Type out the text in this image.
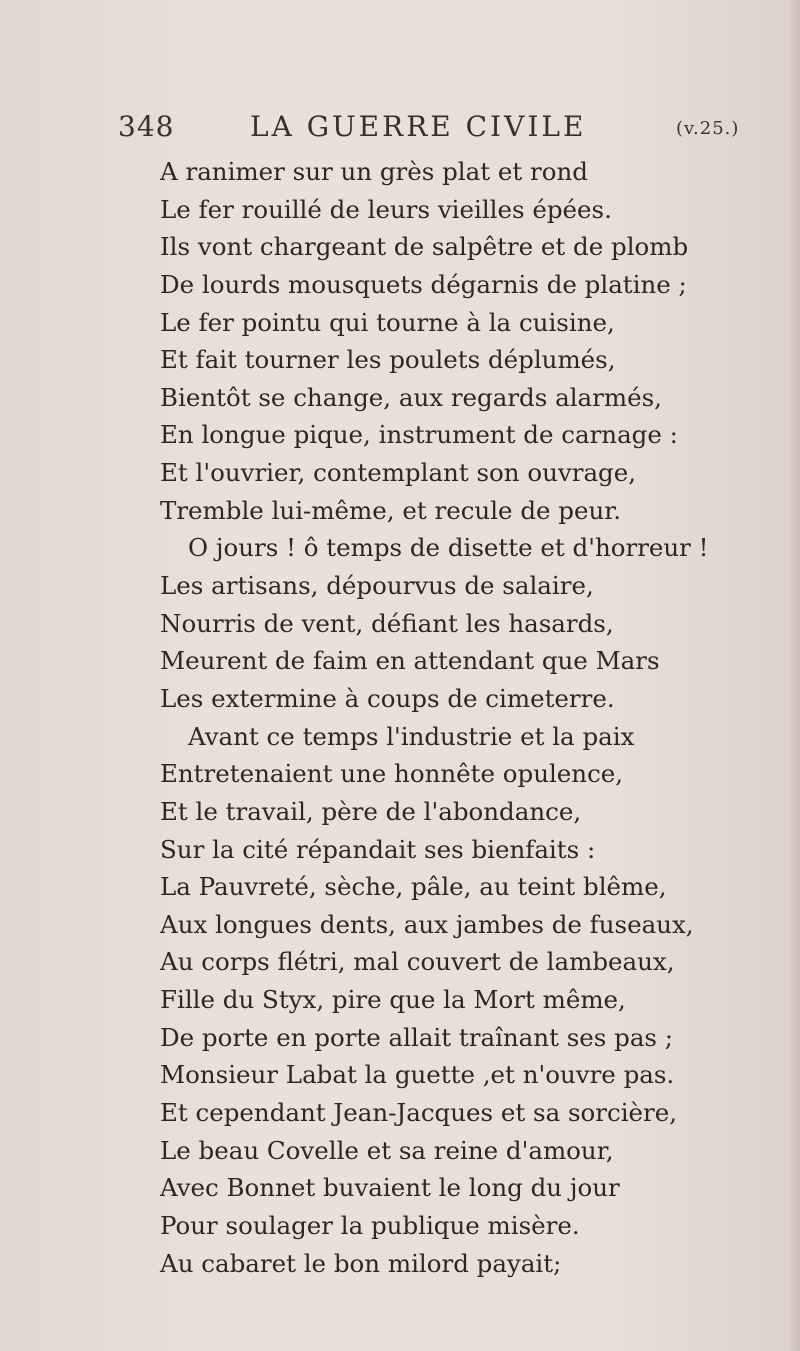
348	LA GUERRE CIVILE	(v.25.)
A ranimer sur un grès plat et rond
Le fer rouillé de leurs vieilles épées.
Ils vont chargeant de salpêtre et de plomb
De lourds mousquets dégarnis de platine ;
Le fer pointu qui tourne à la cuisine,
Et fait tourner les poulets déplumés,
Bientôt se change, aux regards alarmés,
En longue pique, instrument de carnage :
Et l'ouvrier, contemplant son ouvrage,
Tremble lui-même, et recule de peur.
O jours ! ô temps de disette et d'horreur !
Les artisans, dépourvus de salaire,
Nourris de vent, défiant les hasards,
Meurent de faim en attendant que Mars
Les extermine à coups de cimeterre.
Avant ce temps l'industrie et la paix
Entretenaient une honnête opulence,
Et le travail, père de l'abondance,
Sur la cité répandait ses bienfaits :
La Pauvreté, sèche, pâle, au teint blême,
Aux longues dents, aux jambes de fuseaux,
Au corps flétri, mal couvert de lambeaux,
Fille du Styx, pire que la Mort même,
De porte en porte allait traînant ses pas ;
Monsieur Labat la guette ,et n'ouvre pas.
Et cependant Jean-Jacques et sa sorcière,
Le beau Covelle et sa reine d'amour,
Avec Bonnet buvaient le long du jour
Pour soulager la publique misère.
Au cabaret le bon milord payait;
